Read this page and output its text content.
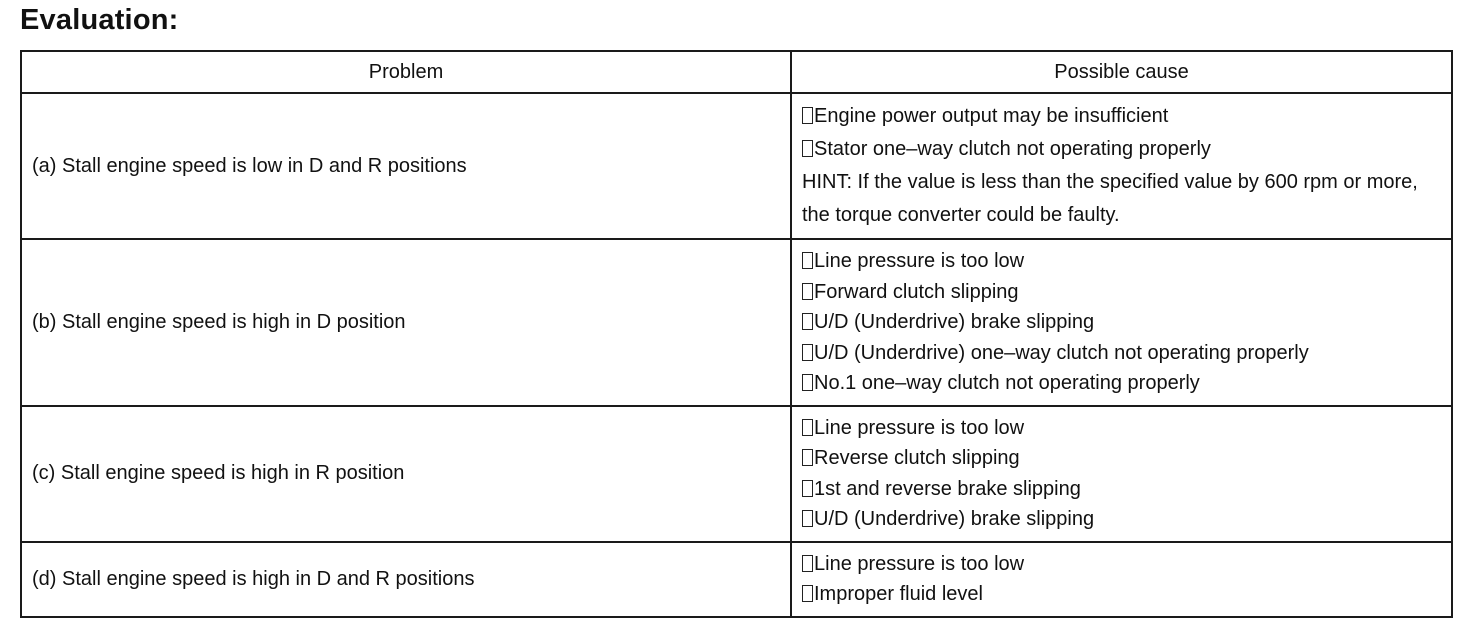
Evaluation:
Problem	Possible cause
(a) Stall engine speed is low in D and R positions	Engine power output may be insufficient
Stator one–way clutch not operating properly
HINT: If the value is less than the specified value by 600 rpm or more, the torque converter could be faulty.

(b) Stall engine speed is high in D position	Line pressure is too low
Forward clutch slipping
U/D (Underdrive) brake slipping
U/D (Underdrive) one–way clutch not operating properly
No.1 one–way clutch not operating properly

(c) Stall engine speed is high in R position	Line pressure is too low
Reverse clutch slipping
1st and reverse brake slipping
U/D (Underdrive) brake slipping

(d) Stall engine speed is high in D and R positions	Line pressure is too low
Improper fluid level
